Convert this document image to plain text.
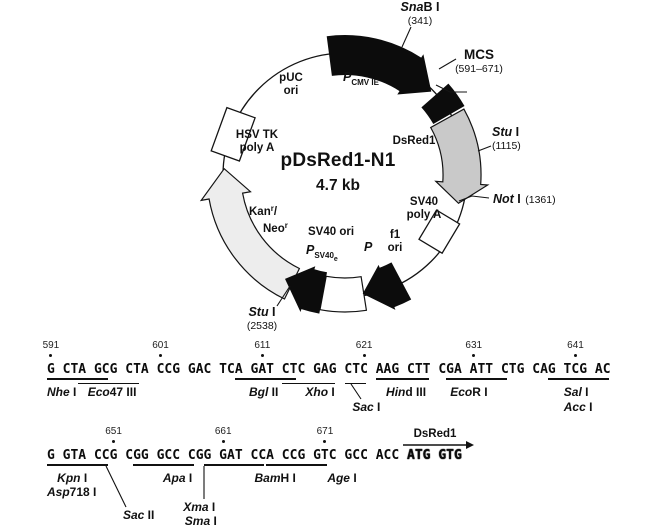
SnaB I
(341)
MCS
(591–671)
Stu I
(1115)
Not I (1361)
Stu I
(2538)
pUC
ori
$P_{CMV IE}$
HSV TK
poly A
DsRed1
pDsRed1-N1
4.7 kb
Kan$^r$/
Neo$^r$
SV40
poly A
SV40 ori
$P_{SV40e}$
P
f1
ori
591	601	611	621	631	641
G CTA GCG CTA CCG GAC TCA GAT CTC GAG CTC AAG CTT CGA ATT CTG CAG TCG AC
Nhe I Eco47 III	Bgl II Xho I
Sac I
Hind III EcoR I	Sal I
Acc I
651	661	671
G GTA CCG CGG GCC CGG GAT CCA CCG GTC GCC ACC ATG GTG
Kpn I
Asp718 I
Apa I	BamH I	Age I
Sac II
Xma I
Sma I
DsRed1
